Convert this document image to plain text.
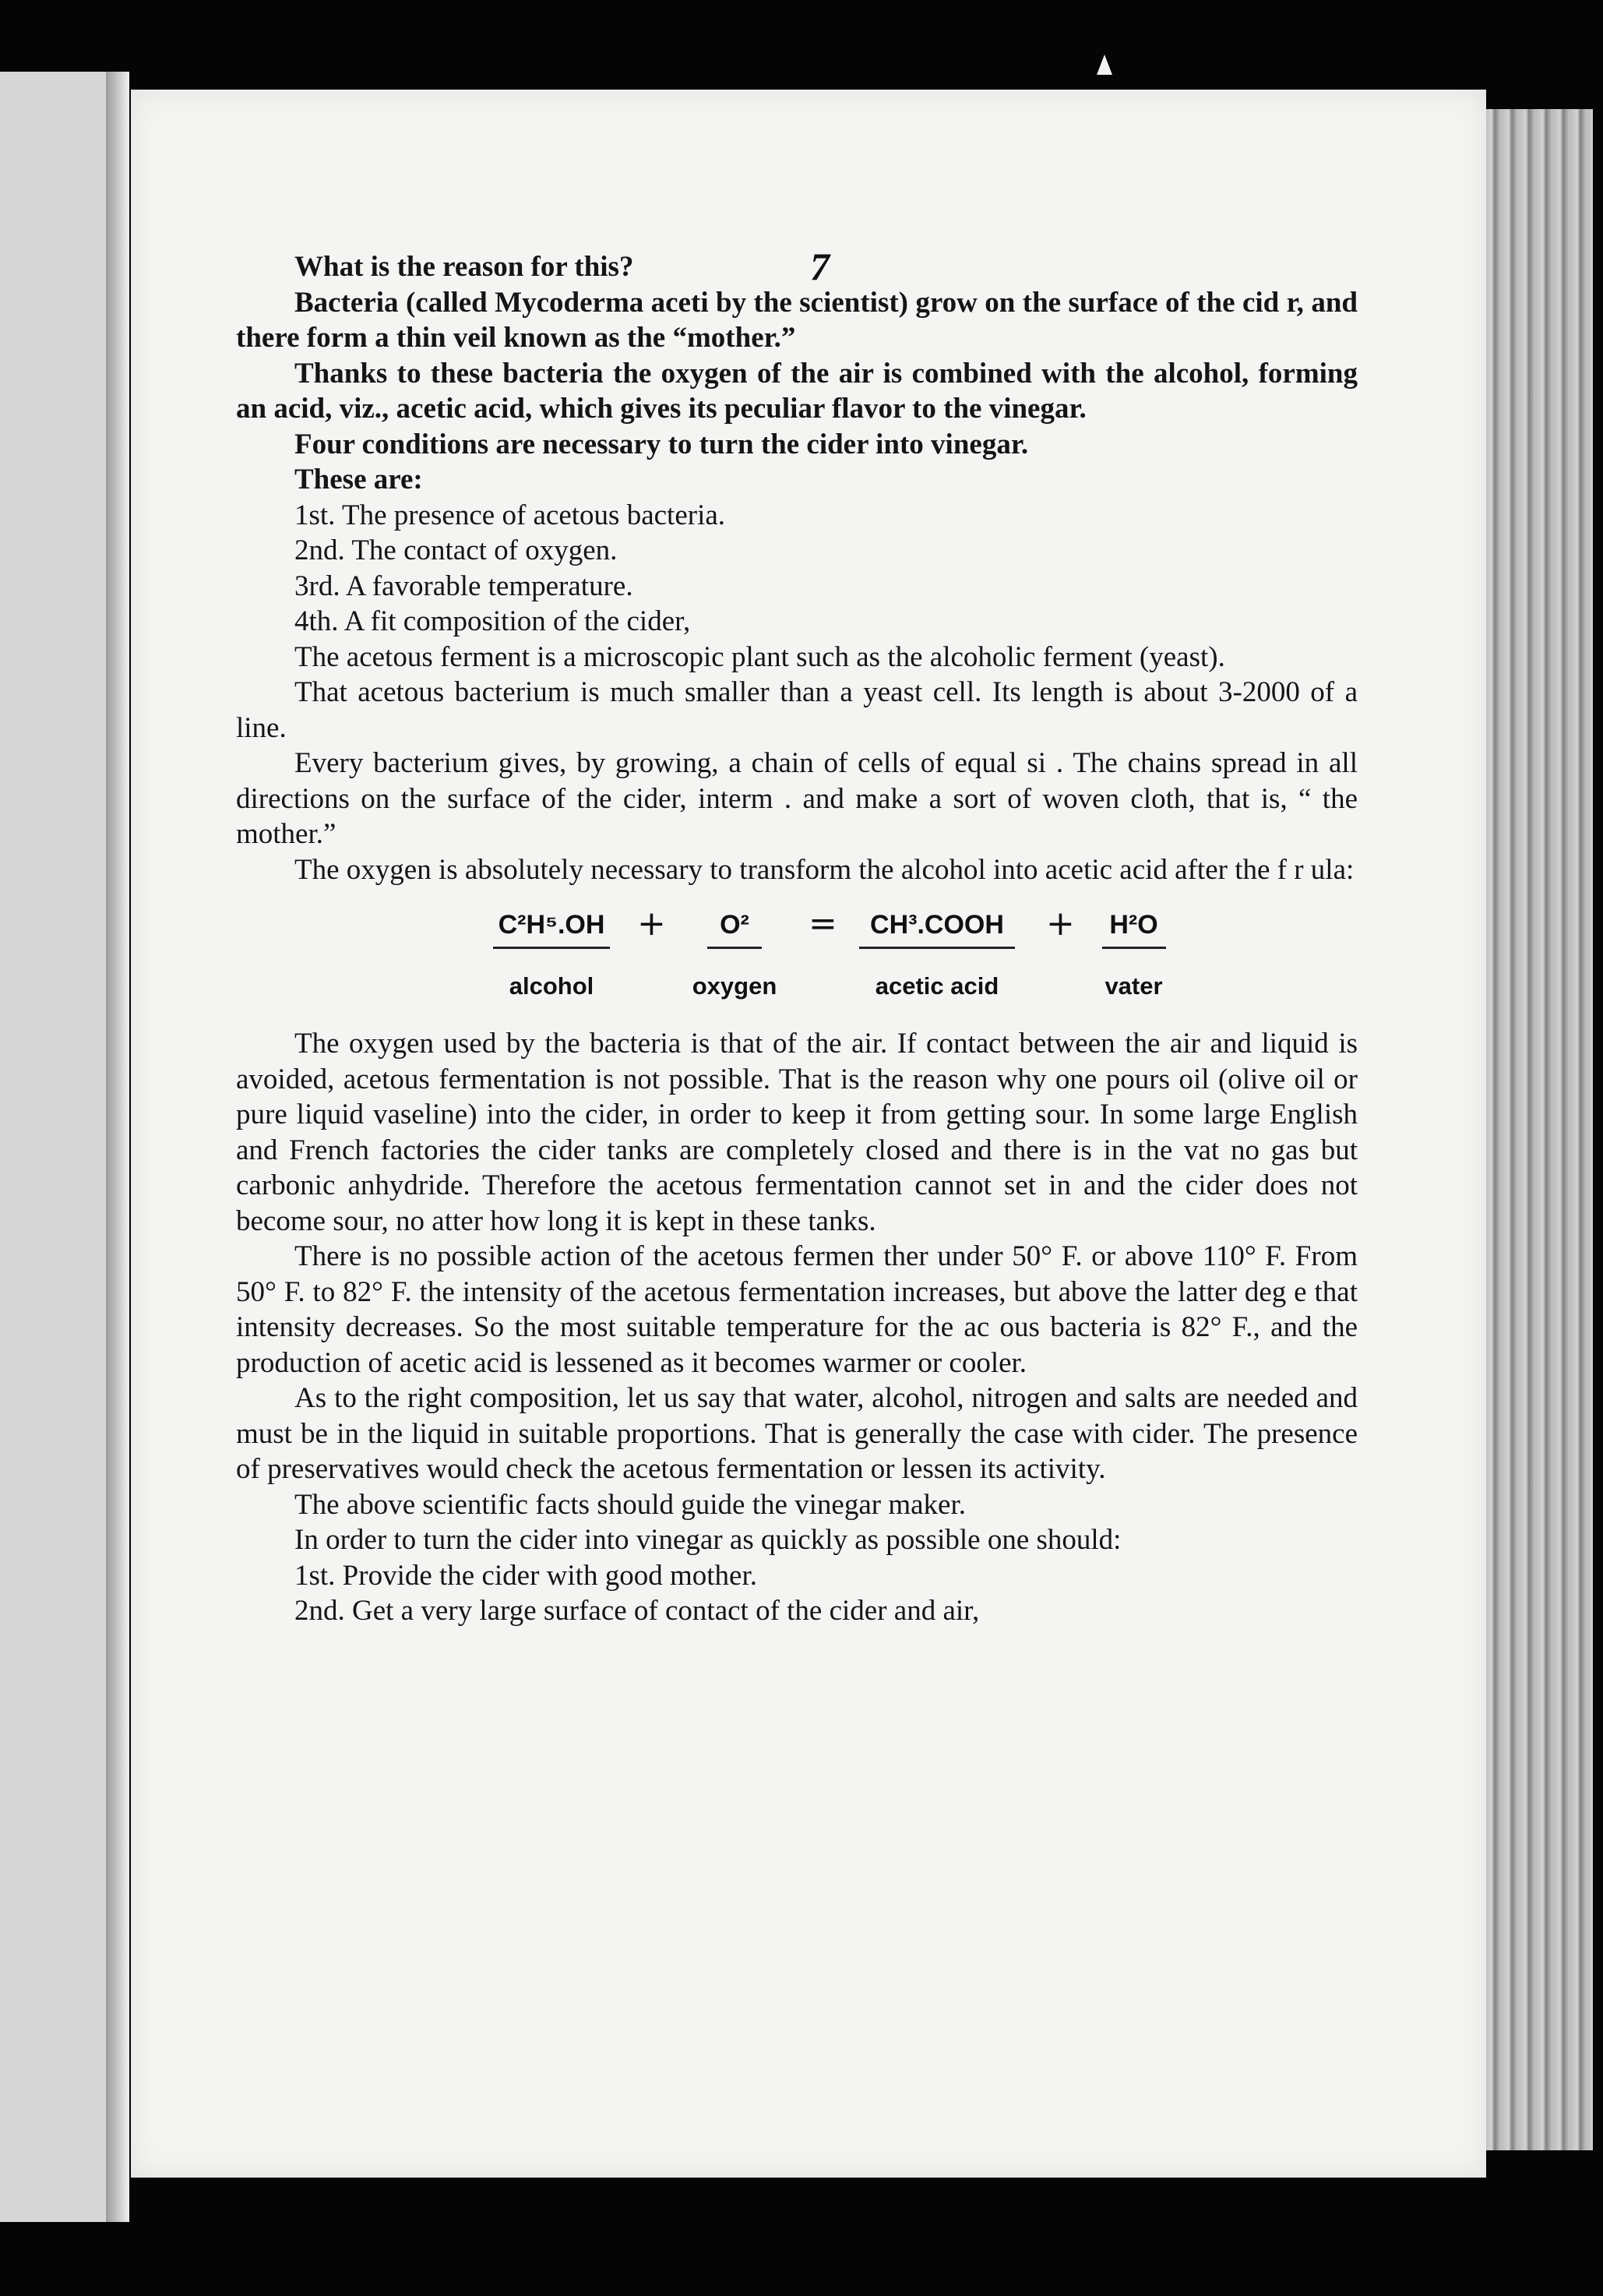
7

What is the reason for this?

Bacteria (called Mycoderma aceti by the scientist) grow on the surface of the cid r, and there form a thin veil known as the “mother.”

Thanks to these bacteria the oxygen of the air is combined with the alcohol, forming an acid, viz., acetic acid, which gives its peculiar flavor to the vinegar.

Four conditions are necessary to turn the cider into vinegar.

These are:

1st. The presence of acetous bacteria.

2nd. The contact of oxygen.

3rd. A favorable temperature.

4th. A fit composition of the cider,

The acetous ferment is a microscopic plant such as the alcoholic ferment (yeast).

That acetous bacterium is much smaller than a yeast cell. Its length is about 3-2000 of a line.

Every bacterium gives, by growing, a chain of cells of equal si . The chains spread in all directions on the surface of the cider, interm . and make a sort of woven cloth, that is, “ the mother.”

The oxygen is absolutely necessary to transform the alcohol into acetic acid after the f r ula:

C²H⁵.OH
alcohol
+	O²
oxygen
=	CH³.COOH
acetic acid
+ H²O
vater

The oxygen used by the bacteria is that of the air. If contact between the air and liquid is avoided, acetous fermentation is not possible. That is the reason why one pours oil (olive oil or pure liquid vaseline) into the cider, in order to keep it from getting sour. In some large English and French factories the cider tanks are completely closed and there is in the vat no gas but carbonic anhydride. Therefore the acetous fermentation cannot set in and the cider does not become sour, no atter how long it is kept in these tanks.

There is no possible action of the acetous fermen ther under 50° F. or above 110° F. From 50° F. to 82° F. the intensity of the acetous fermentation increases, but above the latter deg e that intensity decreases. So the most suitable temperature for the ac ous bacteria is 82° F., and the production of acetic acid is lessened as it becomes warmer or cooler.

As to the right composition, let us say that water, alcohol, nitrogen and salts are needed and must be in the liquid in suitable proportions. That is generally the case with cider. The presence of preservatives would check the acetous fermentation or lessen its activity.

The above scientific facts should guide the vinegar maker.

In order to turn the cider into vinegar as quickly as possible one should:

1st. Provide the cider with good mother.

2nd. Get a very large surface of contact of the cider and air,
